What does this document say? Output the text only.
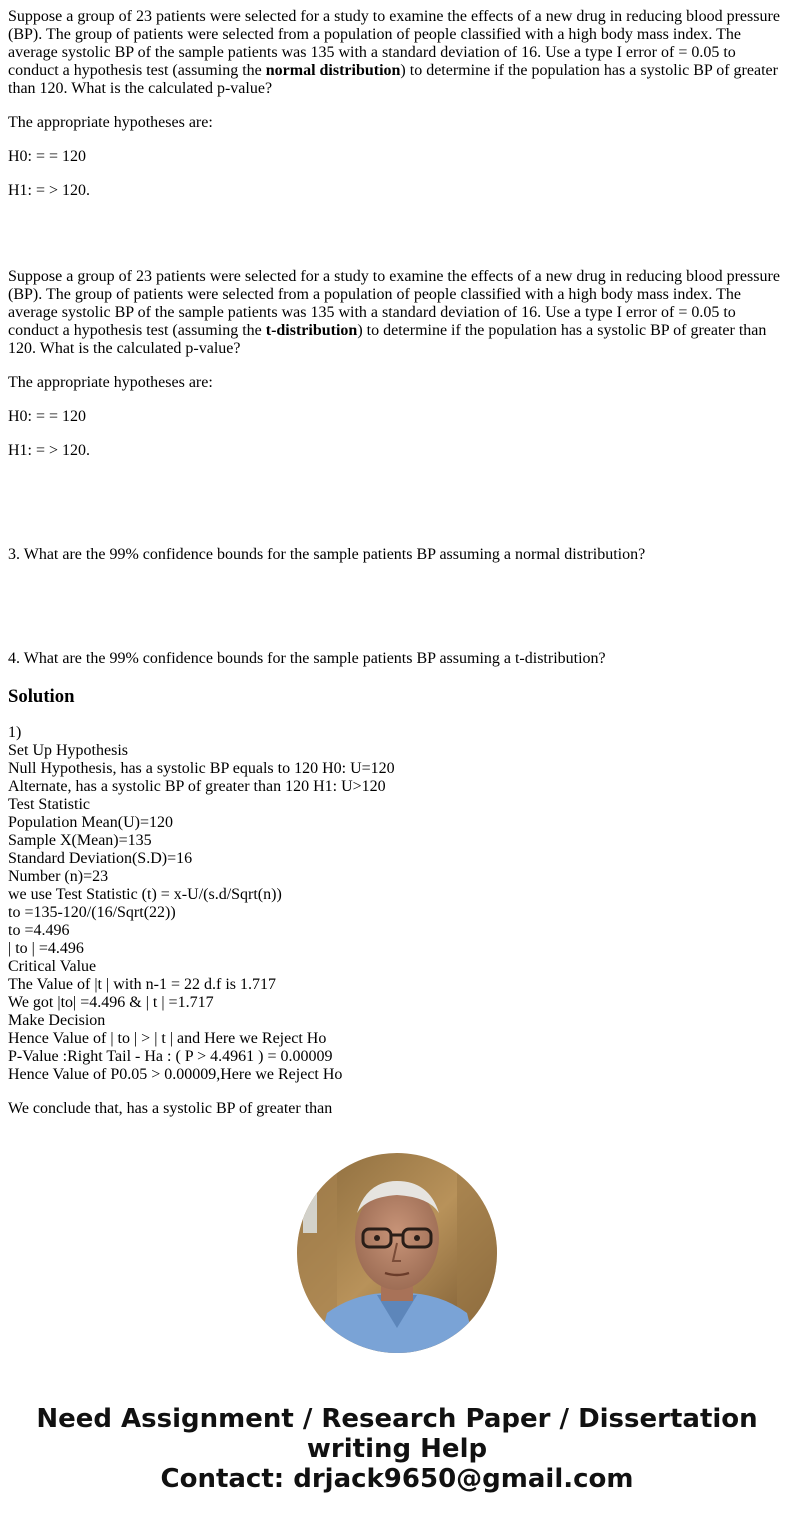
Suppose a group of 23 patients were selected for a study to examine the effects of a new drug in reducing blood pressure (BP). The group of patients were selected from a population of people classified with a high body mass index. The average systolic BP of the sample patients was 135 with a standard deviation of 16. Use a type I error of = 0.05 to conduct a hypothesis test (assuming the normal distribution) to determine if the population has a systolic BP of greater than 120. What is the calculated p-value?

The appropriate hypotheses are:

H0: = = 120

H1: = > 120.

Suppose a group of 23 patients were selected for a study to examine the effects of a new drug in reducing blood pressure (BP). The group of patients were selected from a population of people classified with a high body mass index. The average systolic BP of the sample patients was 135 with a standard deviation of 16. Use a type I error of = 0.05 to conduct a hypothesis test (assuming the t-distribution) to determine if the population has a systolic BP of greater than 120. What is the calculated p-value?

The appropriate hypotheses are:

H0: = = 120

H1: = > 120.

3. What are the 99% confidence bounds for the sample patients BP assuming a normal distribution?

4. What are the 99% confidence bounds for the sample patients BP assuming a t-distribution?

Solution
1)
Set Up Hypothesis
Null Hypothesis, has a systolic BP equals to 120 H0: U=120
Alternate, has a systolic BP of greater than 120 H1: U>120
Test Statistic
Population Mean(U)=120
Sample X(Mean)=135
Standard Deviation(S.D)=16
Number (n)=23
we use Test Statistic (t) = x-U/(s.d/Sqrt(n))
to =135-120/(16/Sqrt(22))
to =4.496
| to | =4.496
Critical Value
The Value of |t | with n-1 = 22 d.f is 1.717
We got |to| =4.496 & | t | =1.717
Make Decision
Hence Value of | to | > | t | and Here we Reject Ho
P-Value :Right Tail - Ha : ( P > 4.4961 ) = 0.00009
Hence Value of P0.05 > 0.00009,Here we Reject Ho

We conclude that, has a systolic BP of greater than

Need Assignment / Research Paper / Dissertation
writing Help
Contact: drjack9650@gmail.com
